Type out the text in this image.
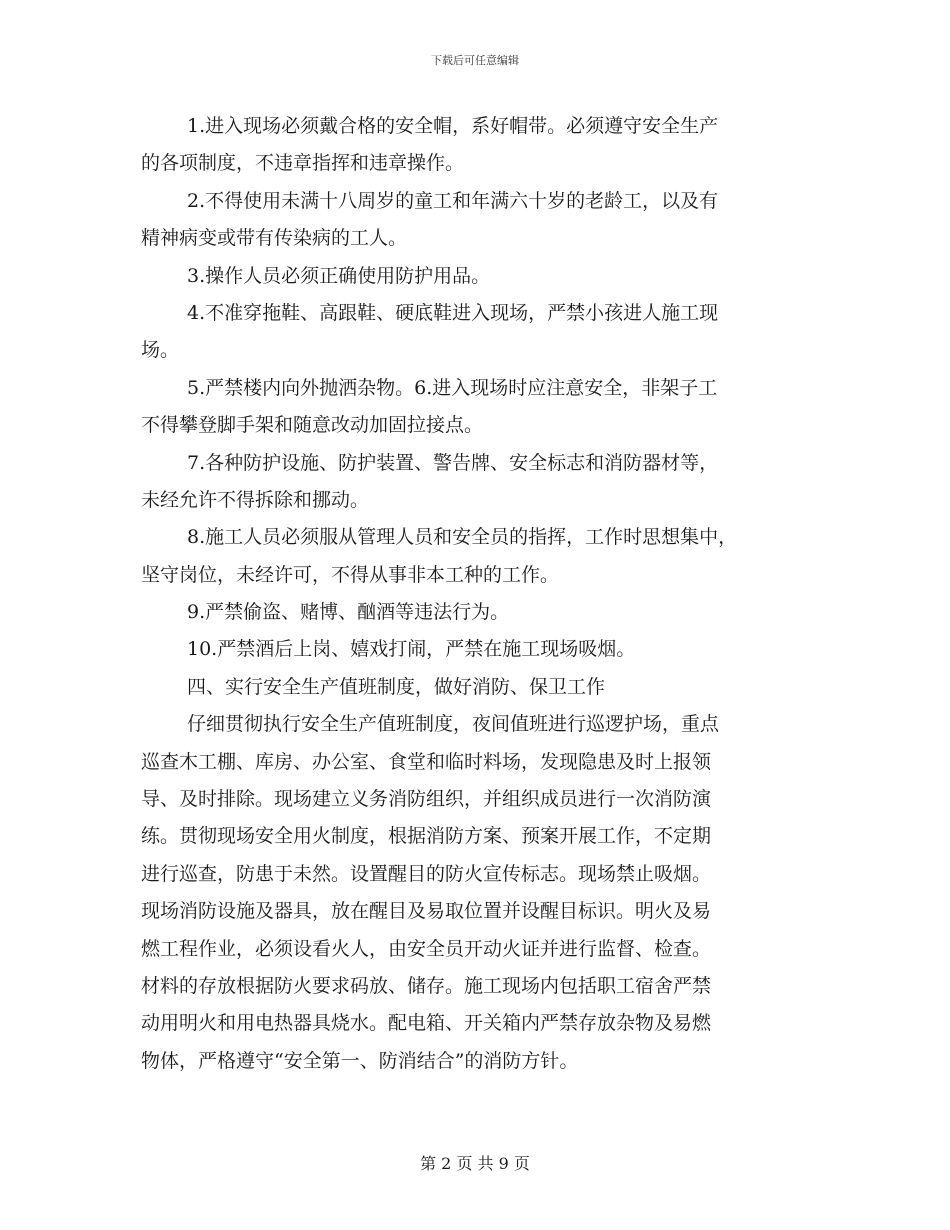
下载后可任意编辑
1.进入现场必须戴合格的安全帽，系好帽带。必须遵守安全生产
的各项制度，不违章指挥和违章操作。
2.不得使用未满十八周岁的童工和年满六十岁的老龄工，以及有
精神病变或带有传染病的工人。
3.操作人员必须正确使用防护用品。
4.不准穿拖鞋、高跟鞋、硬底鞋进入现场，严禁小孩进人施工现
场。
5.严禁楼内向外抛洒杂物。6.进入现场时应注意安全，非架子工
不得攀登脚手架和随意改动加固拉接点。
7.各种防护设施、防护装置、警告牌、安全标志和消防器材等，
未经允许不得拆除和挪动。
8.施工人员必须服从管理人员和安全员的指挥，工作时思想集中，
坚守岗位，未经许可，不得从事非本工种的工作。
9.严禁偷盗、赌博、酗酒等违法行为。
10.严禁酒后上岗、嬉戏打闹，严禁在施工现场吸烟。
四、实行安全生产值班制度，做好消防、保卫工作
仔细贯彻执行安全生产值班制度，夜间值班进行巡逻护场，重点
巡查木工棚、库房、办公室、食堂和临时料场，发现隐患及时上报领
导、及时排除。现场建立义务消防组织，并组织成员进行一次消防演
练。贯彻现场安全用火制度，根据消防方案、预案开展工作，不定期
进行巡查，防患于未然。设置醒目的防火宣传标志。现场禁止吸烟。
现场消防设施及器具，放在醒目及易取位置并设醒目标识。明火及易
燃工程作业，必须设看火人，由安全员开动火证并进行监督、检查。
材料的存放根据防火要求码放、储存。施工现场内包括职工宿舍严禁
动用明火和用电热器具烧水。配电箱、开关箱内严禁存放杂物及易燃
物体，严格遵守“安全第一、防消结合”的消防方针。
第 2 页 共 9 页
